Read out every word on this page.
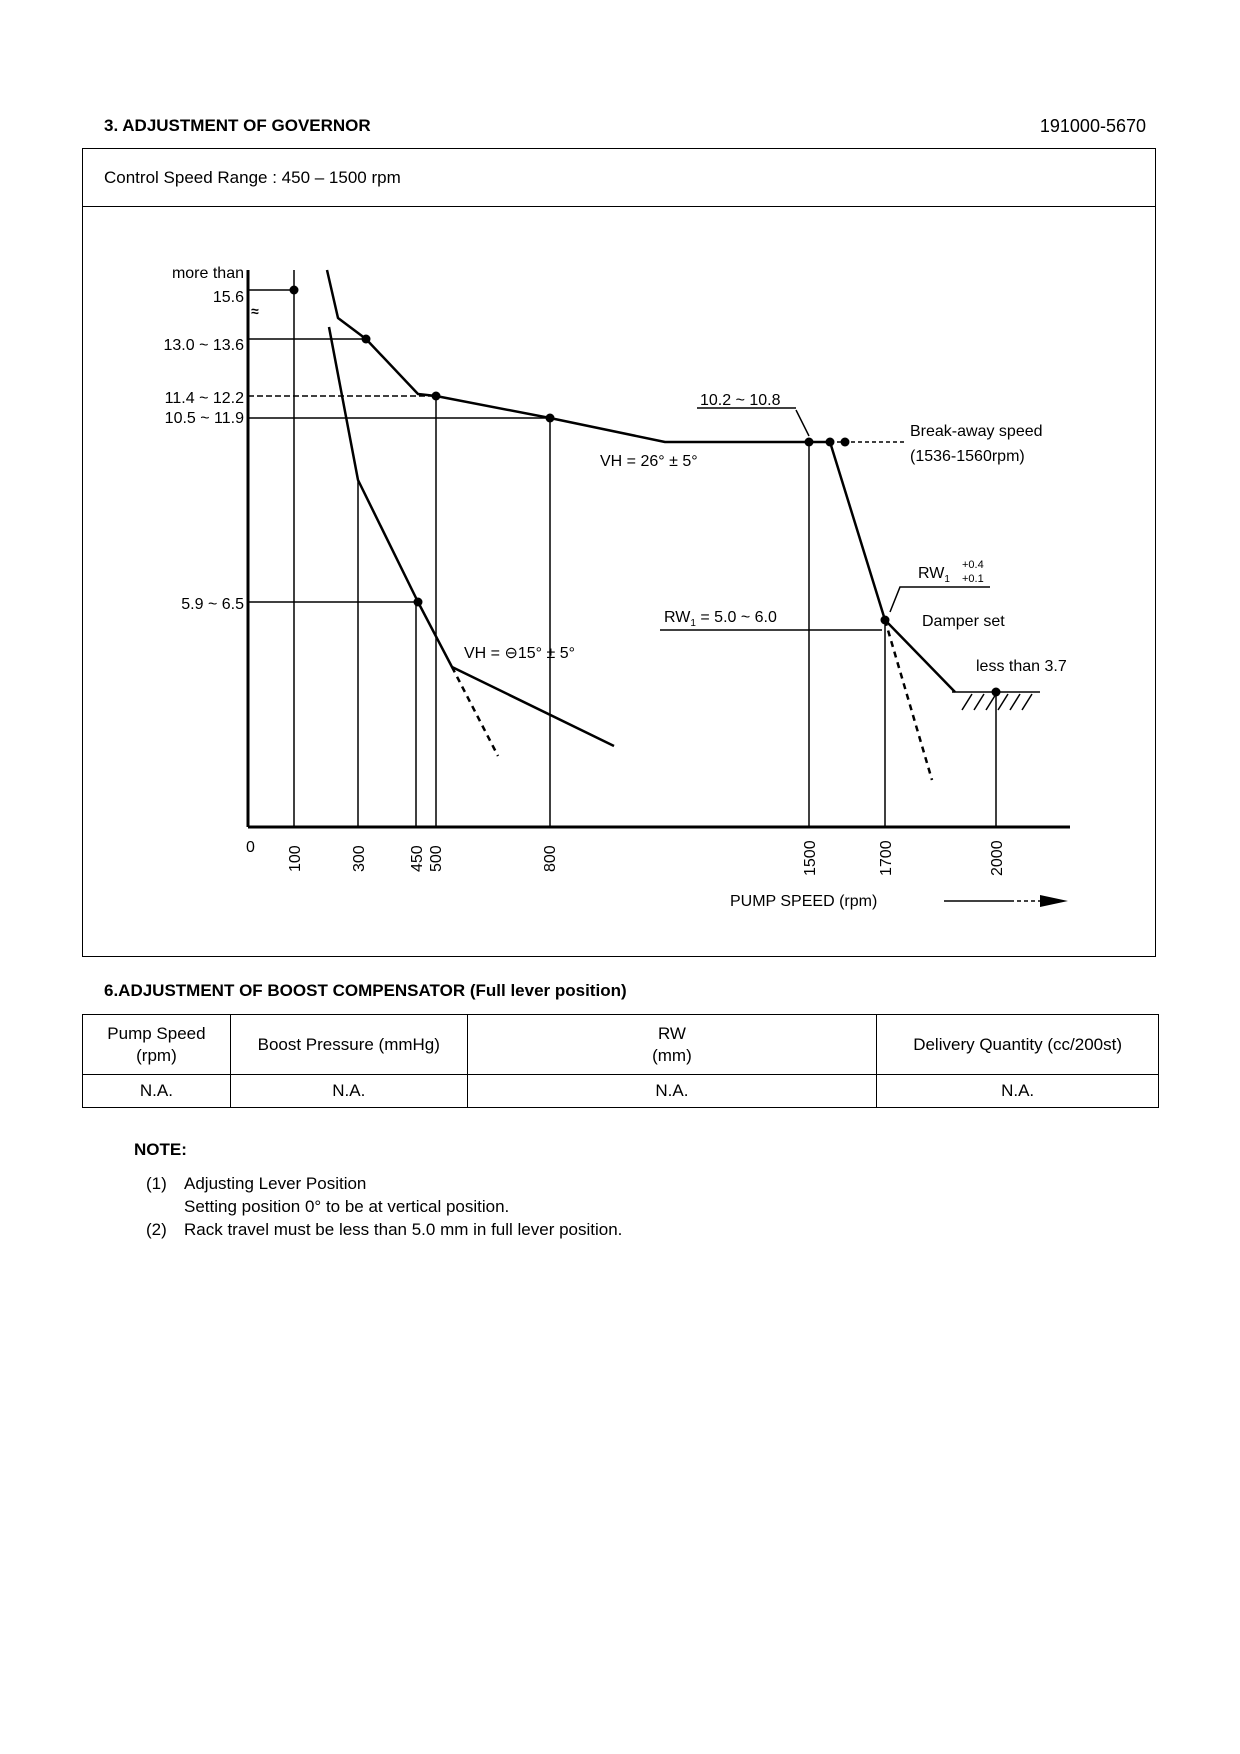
3. ADJUSTMENT OF GOVERNOR	191000-5670
Control Speed Range : 450 – 1500 rpm
≈
more than
15.6
13.0 ~ 13.6
11.4 ~ 12.2
10.5 ~ 11.9
5.9 ~ 6.5
0 100	300	450 500	800	1500	1700	2000
PUMP SPEED (rpm)
10.2 ~ 10.8
Break-away speed
(1536-1560rpm)
VH = 26° ± 5°
VH = ⊖15° ± 5°
$RW_1$
+0.4
+0.1
$RW_1 = 5.0$ ~ 6.0	Damper set
less than 3.7
6.ADJUSTMENT OF BOOST COMPENSATOR (Full lever position)
Pump Speed
(rpm)	Boost Pressure (mmHg)	RW
(mm)	Delivery Quantity (cc/200st)
N.A.	N.A.	N.A.	N.A.
NOTE:
(1) Adjusting Lever Position
Setting position 0° to be at vertical position.
(2) Rack travel must be less than 5.0 mm in full lever position.
